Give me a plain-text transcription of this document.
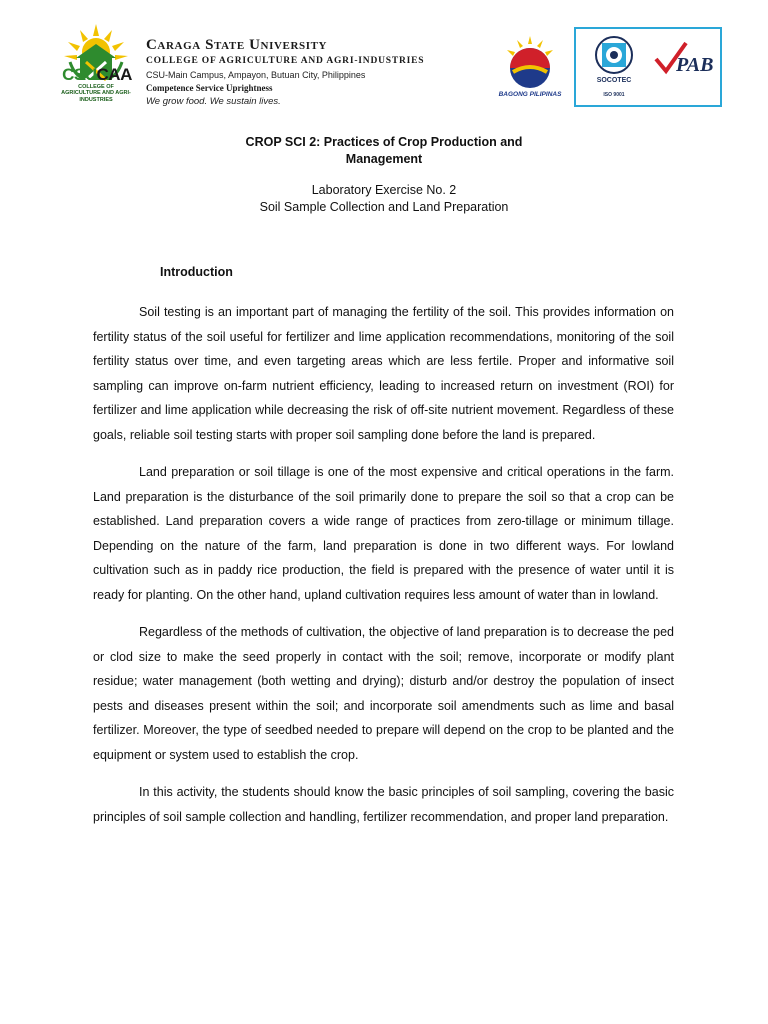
CSUCAA
COLLEGE OF AGRICULTURE AND AGRI-INDUSTRIES
Caraga State University
COLLEGE OF AGRICULTURE AND AGRI-INDUSTRIES
CSU-Main Campus, Ampayon, Butuan City, Philippines
Competence Service Uprightness
We grow food. We sustain lives.
BAGONG PILIPINAS
SOCOTEC
ISO 9001
PAB
CROP SCI 2: Practices of Crop Production and Management
Laboratory Exercise No. 2
Soil Sample Collection and Land Preparation
Introduction

Soil testing is an important part of managing the fertility of the soil. This provides information on fertility status of the soil useful for fertilizer and lime application recommendations, monitoring of the soil fertility status over time, and even targeting areas which are less fertile. Proper and informative soil sampling can improve on-farm nutrient efficiency, leading to increased return on investment (ROI) for fertilizer and lime application while decreasing the risk of off-site nutrient movement. Regardless of these goals, reliable soil testing starts with proper soil sampling done before the land is prepared.

Land preparation or soil tillage is one of the most expensive and critical operations in the farm. Land preparation is the disturbance of the soil primarily done to prepare the soil so that a crop can be established. Land preparation covers a wide range of practices from zero-tillage or minimum tillage. Depending on the nature of the farm, land preparation is done in two different ways. For lowland cultivation such as in paddy rice production, the field is prepared with the presence of water until it is ready for planting. On the other hand, upland cultivation requires less amount of water than in lowland.

Regardless of the methods of cultivation, the objective of land preparation is to decrease the ped or clod size to make the seed properly in contact with the soil; remove, incorporate or modify plant residue; water management (both wetting and drying); disturb and/or destroy the population of insect pests and diseases present within the soil; and incorporate soil amendments such as lime and basal fertilizer. Moreover, the type of seedbed needed to prepare will depend on the crop to be planted and the equipment or system used to establish the crop.

In this activity, the students should know the basic principles of soil sampling, covering the basic principles of soil sample collection and handling, fertilizer recommendation, and proper land preparation.
